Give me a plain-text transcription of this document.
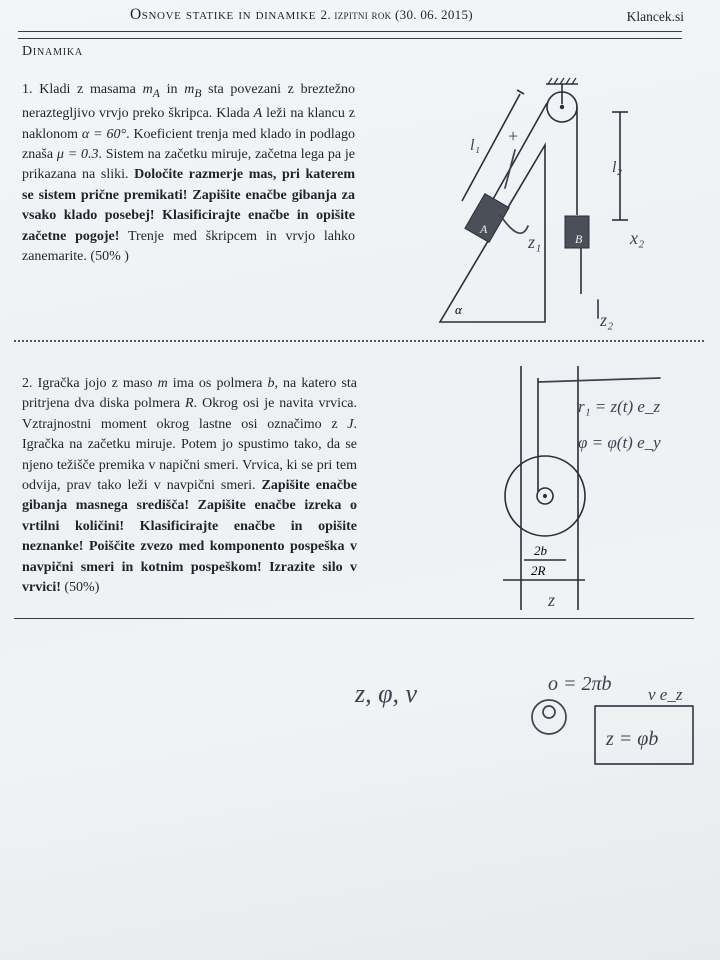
Osnove statike in dinamike 2. izpitni rok (30. 06. 2015)	Klancek.si
Dinamika
1. Kladi z masama $m_A$ in $m_B$ sta povezani z breztežno neraztegljivo vrvjo preko škripca. Klada A leži na klancu z naklonom α = 60°. Koeficient trenja med klado in podlago znaša μ = 0.3. Sistem na začetku miruje, začetna lega pa je prikazana na sliki. Določite razmerje mas, pri katerem se sistem prične premikati! Zapišite enačbe gibanja za vsako klado posebej! Klasificirajte enačbe in opišite začetne pogoje! Trenje med škripcem in vrvjo lahko zanemarite. (50% )
2. Igračka jojo z maso m ima os polmera b, na katero sta pritrjena dva diska polmera R. Okrog osi je navita vrvica. Vztrajnostni moment okrog lastne osi označimo z J. Igračka na začetku miruje. Potem jo spustimo tako, da se njeno težišče premika v napični smeri. Vrvica, ki se pri tem odvija, prav tako leži v navpični smeri. Zapišite enačbe gibanja masnega središča! Zapišite enačbe izreka o vrtilni količini! Klasificirajte enačbe in opišite neznanke! Poiščite zvezo med komponento pospeška v navpični smeri in kotnim pospeškom! Izrazite silo v vrvici! (50%)
A
B
α
l₁
l₂
x₂
z₁
z₂
+
2b
2R
r₁ = z(t) e_z
φ = φ(t) e_y
z
z, φ, v	o = 2πb
z = φb
v e_z
